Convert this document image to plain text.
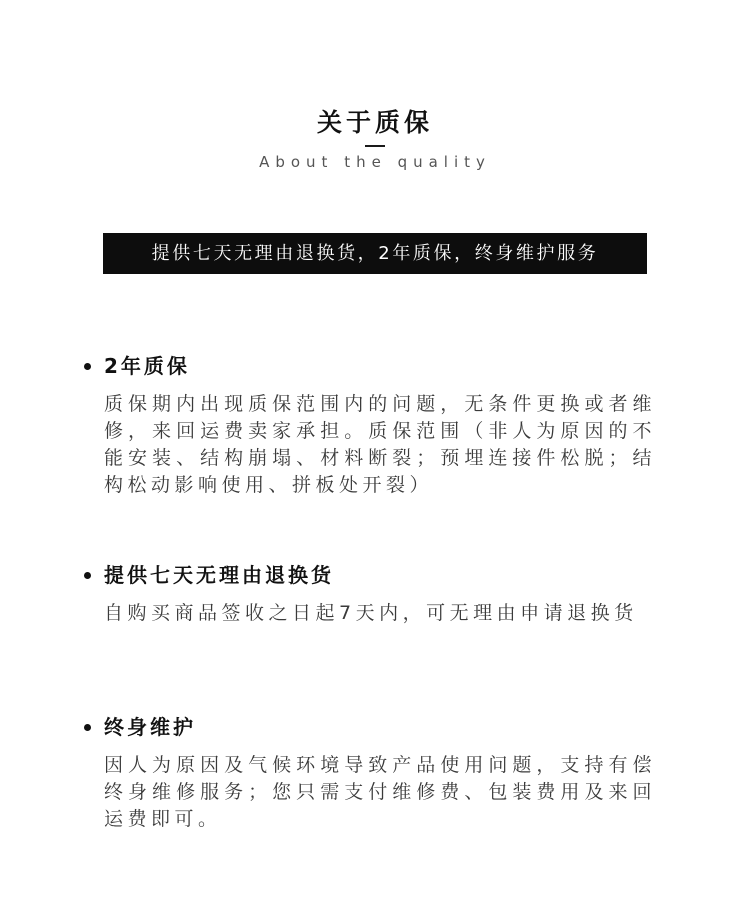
关于质保
About the quality
提供七天无理由退换货，2年质保，终身维护服务
2年质保
质保期内出现质保范围内的问题，无条件更换或者维修，来回运费卖家承担。质保范围（非人为原因的不能安装、结构崩塌、材料断裂；预埋连接件松脱；结构松动影响使用、拼板处开裂）
提供七天无理由退换货
自购买商品签收之日起7天内，可无理由申请退换货
终身维护
因人为原因及气候环境导致产品使用问题，支持有偿终身维修服务；您只需支付维修费、包装费用及来回运费即可。
